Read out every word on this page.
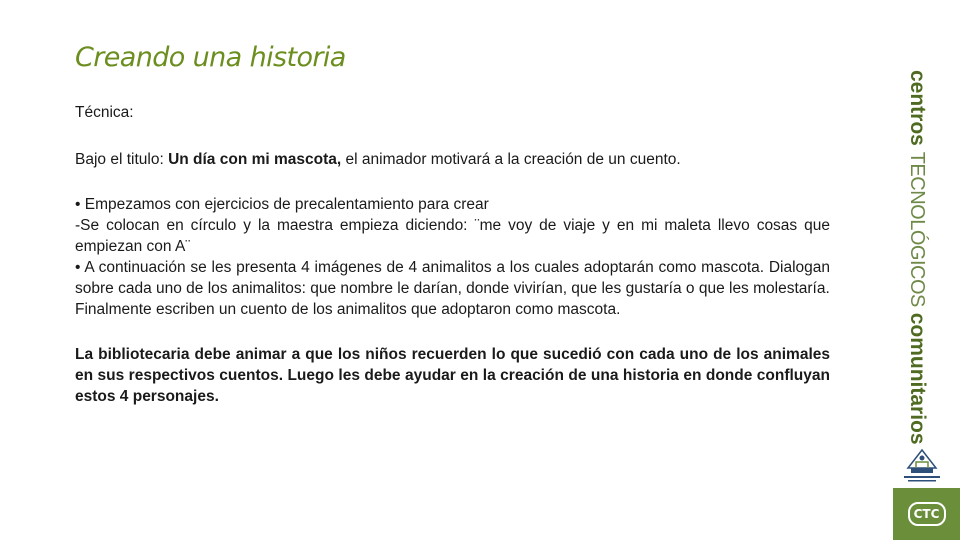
Creando una historia

Técnica:

Bajo el titulo: Un día con mi mascota, el animador motivará a la creación de un cuento.

• Empezamos con ejercicios de precalentamiento para crear

-Se colocan en círculo y la maestra empieza diciendo: ¨me voy de viaje y en mi maleta llevo cosas que empiezan con A¨

• A continuación se les presenta 4 imágenes de 4 animalitos a los cuales adoptarán como mascota. Dialogan sobre cada uno de los animalitos: que nombre le darían, donde vivirían, que les gustaría o que les molestaría.

Finalmente escriben un cuento de los animalitos que adoptaron como mascota.

La bibliotecaria debe animar a que los niños recuerden lo que sucedió con cada uno de los animales en sus respectivos cuentos. Luego les debe ayudar en la creación de una historia en donde confluyan estos 4 personajes.

centros TECNOLÓGICOS comunitarios
CTC
